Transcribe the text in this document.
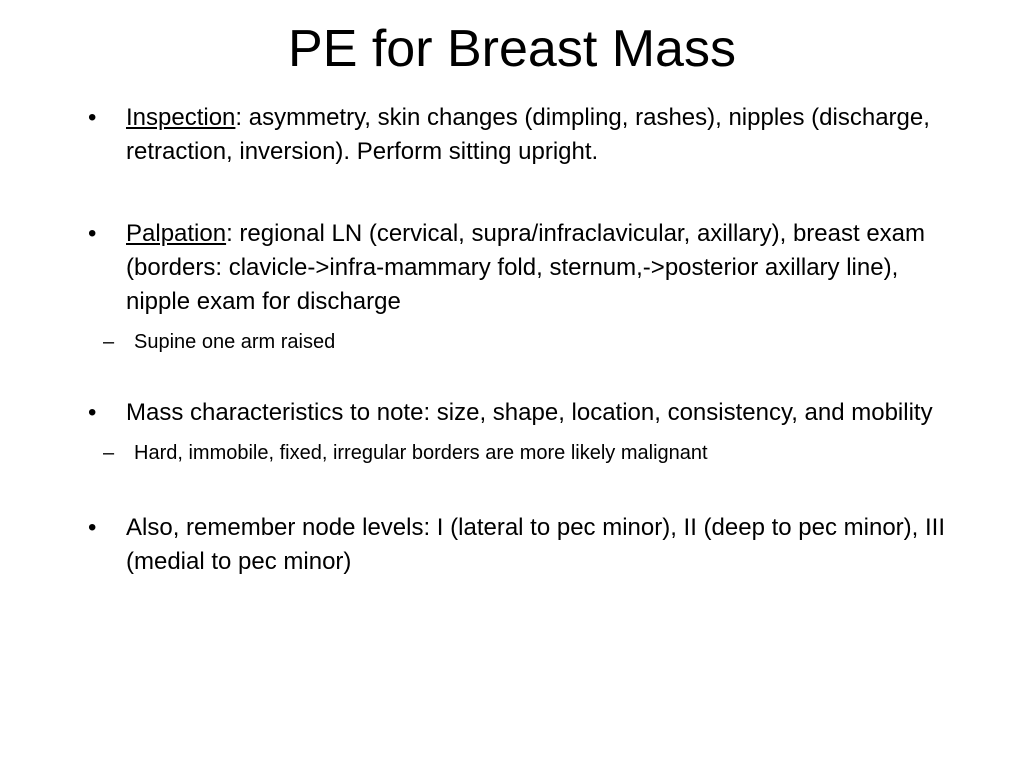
PE for Breast Mass
• Inspection: asymmetry, skin changes (dimpling, rashes), nipples (discharge, retraction, inversion). Perform sitting upright.
• Palpation: regional LN (cervical, supra/infraclavicular, axillary), breast exam (borders: clavicle->infra-mammary fold, sternum,->posterior axillary line), nipple exam for discharge
– Supine one arm raised
• Mass characteristics to note: size, shape, location, consistency, and mobility
– Hard, immobile, fixed, irregular borders are more likely malignant
• Also, remember node levels: I (lateral to pec minor), II (deep to pec minor), III (medial to pec minor)
